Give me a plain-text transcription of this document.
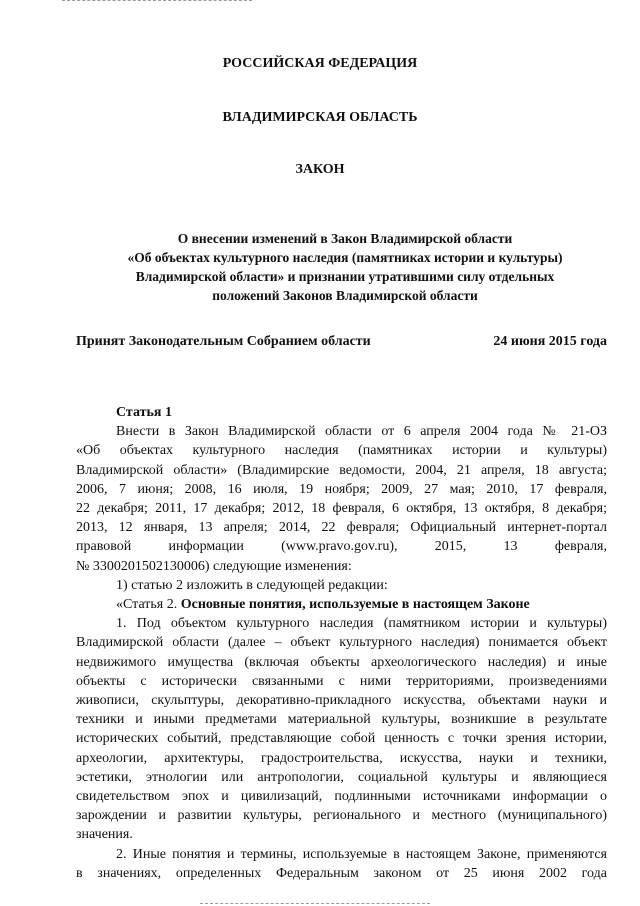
РОССИЙСКАЯ ФЕДЕРАЦИЯ
ВЛАДИМИРСКАЯ ОБЛАСТЬ
ЗАКОН
О внесении изменений в Закон Владимирской области
«Об объектах культурного наследия (памятниках истории и культуры)
Владимирской области» и признании утратившими силу отдельных
положений Законов Владимирской области
Принят Законодательным Собранием области	24 июня 2015 года
Статья 1
Внести в Закон Владимирской области от 6 апреля 2004 года № 21-ОЗ
«Об объектах культурного наследия (памятниках истории и культуры)
Владимирской области» (Владимирские ведомости, 2004, 21 апреля, 18 августа;
2006, 7 июня; 2008, 16 июля, 19 ноября; 2009, 27 мая; 2010, 17 февраля,
22 декабря; 2011, 17 декабря; 2012, 18 февраля, 6 октября, 13 октября, 8 декабря;
2013, 12 января, 13 апреля; 2014, 22 февраля; Официальный интернет-портал
правовой информации (www.pravo.gov.ru), 2015, 13 февраля,
№ 3300201502130006) следующие изменения:
1) статью 2 изложить в следующей редакции:
«Статья 2. Основные понятия, используемые в настоящем Законе
1. Под объектом культурного наследия (памятником истории и культуры)
Владимирской области (далее – объект культурного наследия) понимается объект
недвижимого имущества (включая объекты археологического наследия) и иные
объекты с исторически связанными с ними территориями, произведениями
живописи, скульптуры, декоративно-прикладного искусства, объектами науки и
техники и иными предметами материальной культуры, возникшие в результате
исторических событий, представляющие собой ценность с точки зрения истории,
археологии, архитектуры, градостроительства, искусства, науки и техники,
эстетики, этнологии или антропологии, социальной культуры и являющиеся
свидетельством эпох и цивилизаций, подлинными источниками информации о
зарождении и развитии культуры, регионального и местного (муниципального)
значения.
2. Иные понятия и термины, используемые в настоящем Законе, применяются
в значениях, определенных Федеральным законом от 25 июня 2002 года
